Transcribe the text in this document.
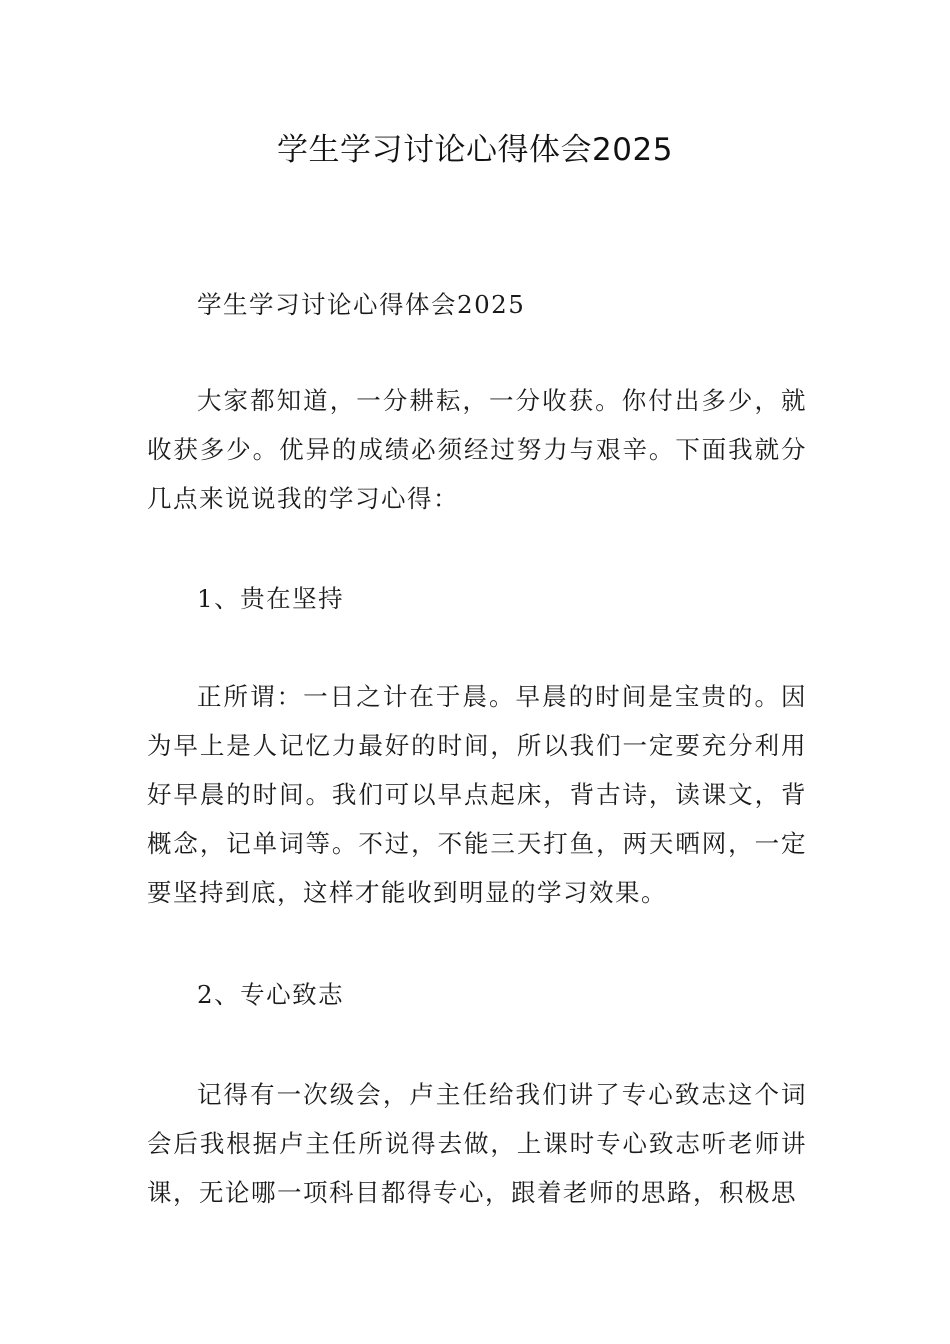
学生学习讨论心得体会2025

学生学习讨论心得体会2025

大家都知道，一分耕耘，一分收获。你付出多少，就收获多少。优异的成绩必须经过努力与艰辛。下面我就分几点来说说我的学习心得：

1、贵在坚持

正所谓：一日之计在于晨。早晨的时间是宝贵的。因为早上是人记忆力最好的时间，所以我们一定要充分利用好早晨的时间。我们可以早点起床，背古诗，读课文，背概念，记单词等。不过，不能三天打鱼，两天晒网，一定要坚持到底，这样才能收到明显的学习效果。

2、专心致志

记得有一次级会，卢主任给我们讲了专心致志这个词会后我根据卢主任所说得去做，上课时专心致志听老师讲课，无论哪一项科目都得专心，跟着老师的思路，积极思
